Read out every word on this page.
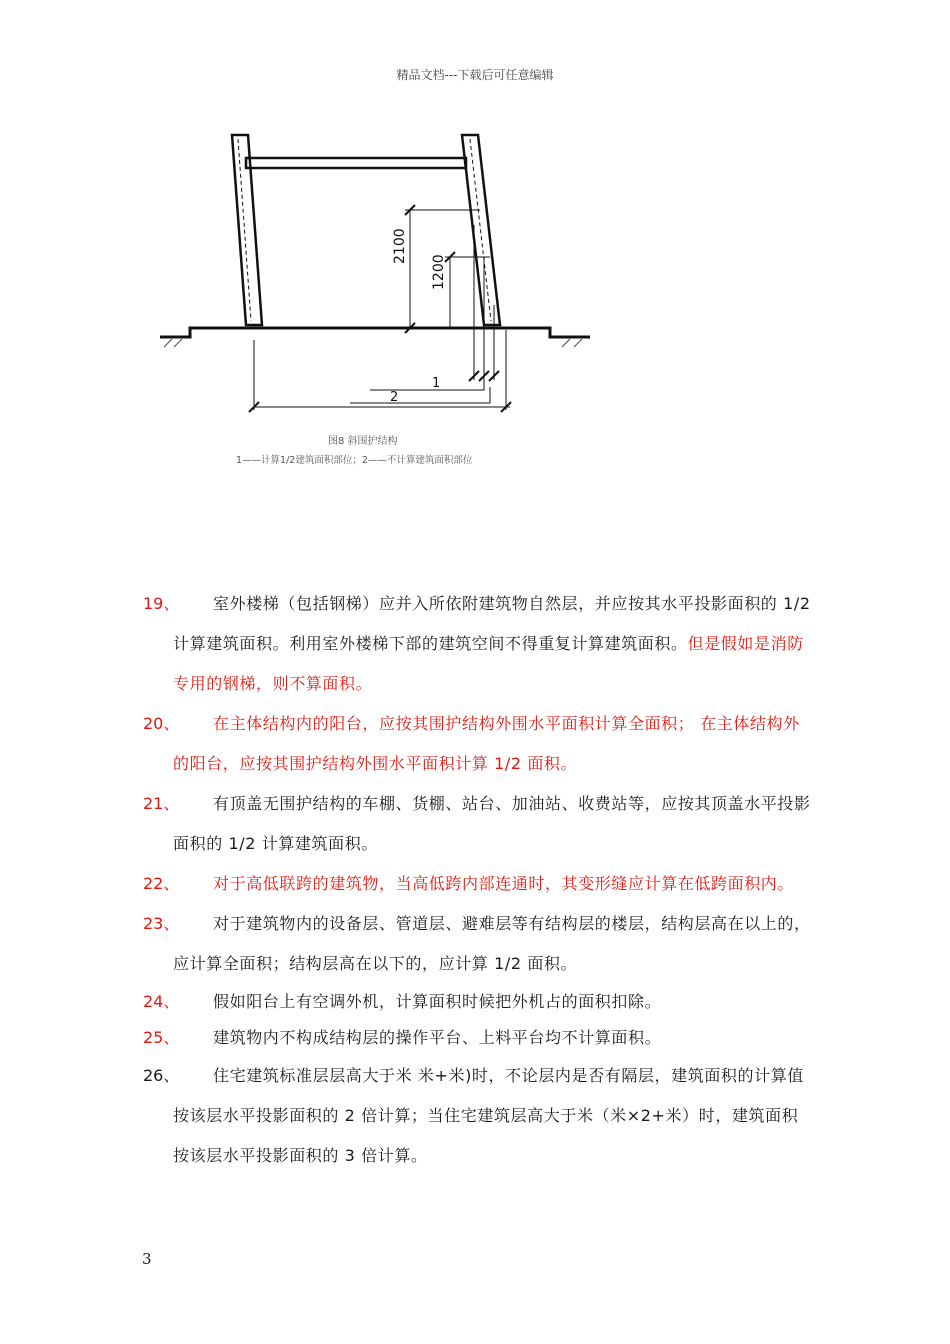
精品文档---下载后可任意编辑
2100
1200
1
2
图8 斜围护结构
1——计算1/2建筑面积部位；2——不计算建筑面积部位
19、	室外楼梯（包括钢梯）应并入所依附建筑物自然层，并应按其水平投影面积的 1/2 计算建筑面积。利用室外楼梯下部的建筑空间不得重复计算建筑面积。但是假如是消防专用的钢梯，则不算面积。
20、	在主体结构内的阳台，应按其围护结构外围水平面积计算全面积； 在主体结构外的阳台，应按其围护结构外围水平面积计算 1/2 面积。
21、	有顶盖无围护结构的车棚、货棚、站台、加油站、收费站等，应按其顶盖水平投影面积的 1/2 计算建筑面积。
22、	对于高低联跨的建筑物，当高低跨内部连通时，其变形缝应计算在低跨面积内。
23、	对于建筑物内的设备层、管道层、避难层等有结构层的楼层，结构层高在以上的，应计算全面积；结构层高在以下的，应计算 1/2 面积。
24、	假如阳台上有空调外机，计算面积时候把外机占的面积扣除。
25、	建筑物内不构成结构层的操作平台、上料平台均不计算面积。
26、	住宅建筑标准层层高大于米 米+米)时，不论层内是否有隔层，建筑面积的计算值按该层水平投影面积的 2 倍计算；当住宅建筑层高大于米（米×2+米）时，建筑面积按该层水平投影面积的 3 倍计算。
3
